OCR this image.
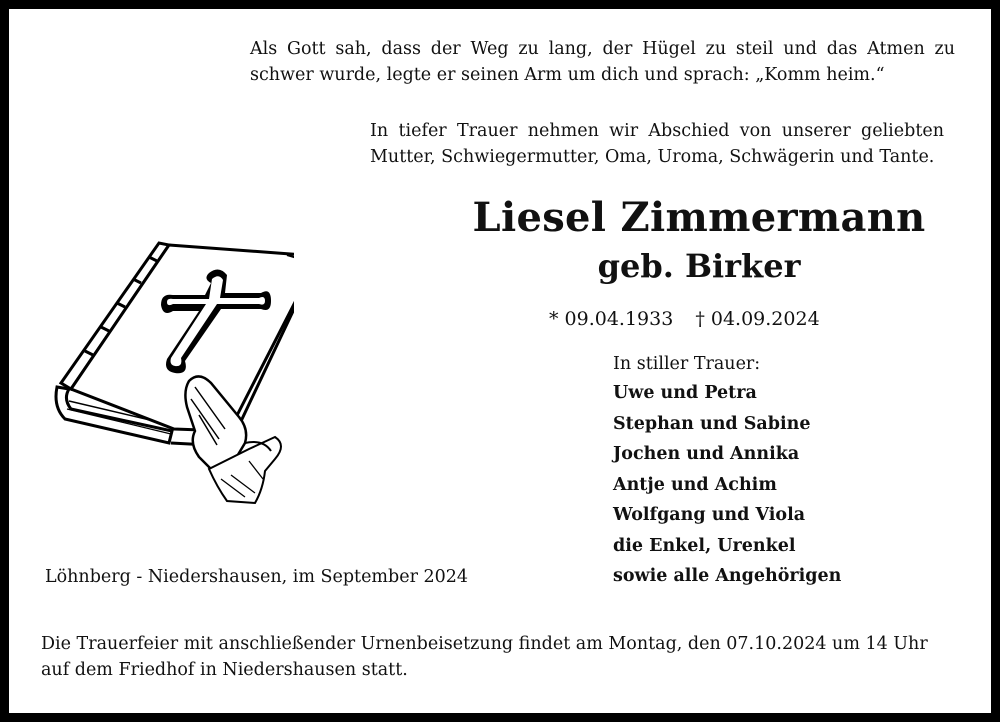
Als Gott sah, dass der Weg zu lang, der Hügel zu steil und das Atmen zu
schwer wurde, legte er seinen Arm um dich und sprach: „Komm heim.“

In tiefer Trauer nehmen wir Abschied von unserer geliebten
Mutter, Schwiegermutter, Oma, Uroma, Schwägerin und Tante.

Liesel Zimmermann
geb. Birker
* 09.04.1933 † 04.09.2024
In stiller Trauer:
Uwe und Petra
Stephan und Sabine
Jochen und Annika
Antje und Achim
Wolfgang und Viola
die Enkel, Urenkel
sowie alle Angehörigen
Löhnberg - Niedershausen, im September 2024

Die Trauerfeier mit anschließender Urnenbeisetzung findet am Montag, den 07.10.2024 um 14 Uhr
auf dem Friedhof in Niedershausen statt.
